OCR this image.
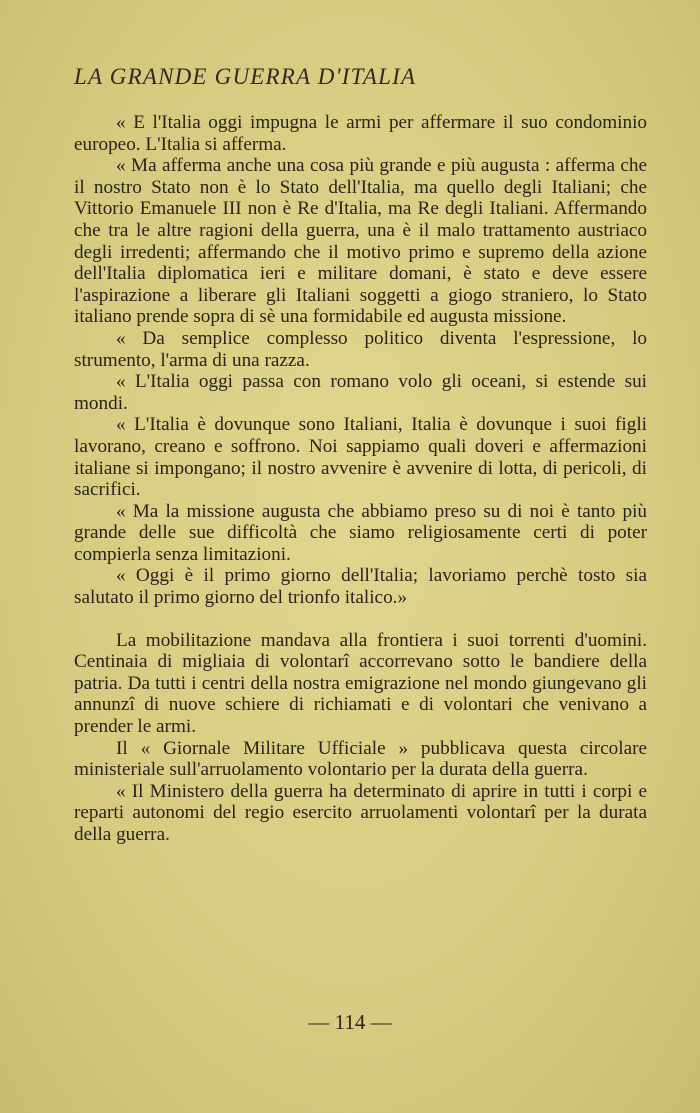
LA GRANDE GUERRA D'ITALIA

« E l'Italia oggi impugna le armi per affermare il suo condominio europeo. L'Italia si afferma.

« Ma afferma anche una cosa più grande e più augusta : afferma che il nostro Stato non è lo Stato dell'Italia, ma quello degli Italiani; che Vittorio Emanuele III non è Re d'Italia, ma Re degli Italiani. Affermando che tra le altre ragioni della guerra, una è il malo trattamento austriaco degli irredenti; affermando che il motivo primo e supremo della azione dell'Italia diplomatica ieri e militare domani, è stato e deve essere l'aspirazione a liberare gli Italiani soggetti a giogo straniero, lo Stato italiano prende sopra di sè una formidabile ed augusta missione.

« Da semplice complesso politico diventa l'espressione, lo strumento, l'arma di una razza.

« L'Italia oggi passa con romano volo gli oceani, si estende sui mondi.

« L'Italia è dovunque sono Italiani, Italia è dovunque i suoi figli lavorano, creano e soffrono. Noi sappiamo quali doveri e affermazioni italiane si impongano; il nostro avvenire è avvenire di lotta, di pericoli, di sacrifici.

« Ma la missione augusta che abbiamo preso su di noi è tanto più grande delle sue difficoltà che siamo religiosamente certi di poter compierla senza limitazioni.

« Oggi è il primo giorno dell'Italia; lavoriamo perchè tosto sia salutato il primo giorno del trionfo italico.»

La mobilitazione mandava alla frontiera i suoi torrenti d'uomini. Centinaia di migliaia di volontarî accorrevano sotto le bandiere della patria. Da tutti i centri della nostra emigrazione nel mondo giungevano gli annunzî di nuove schiere di richiamati e di volontari che venivano a prender le armi.

Il « Giornale Militare Ufficiale » pubblicava questa circolare ministeriale sull'arruolamento volontario per la durata della guerra.

« Il Ministero della guerra ha determinato di aprire in tutti i corpi e reparti autonomi del regio esercito arruolamenti volontarî per la durata della guerra.

— 114 —
